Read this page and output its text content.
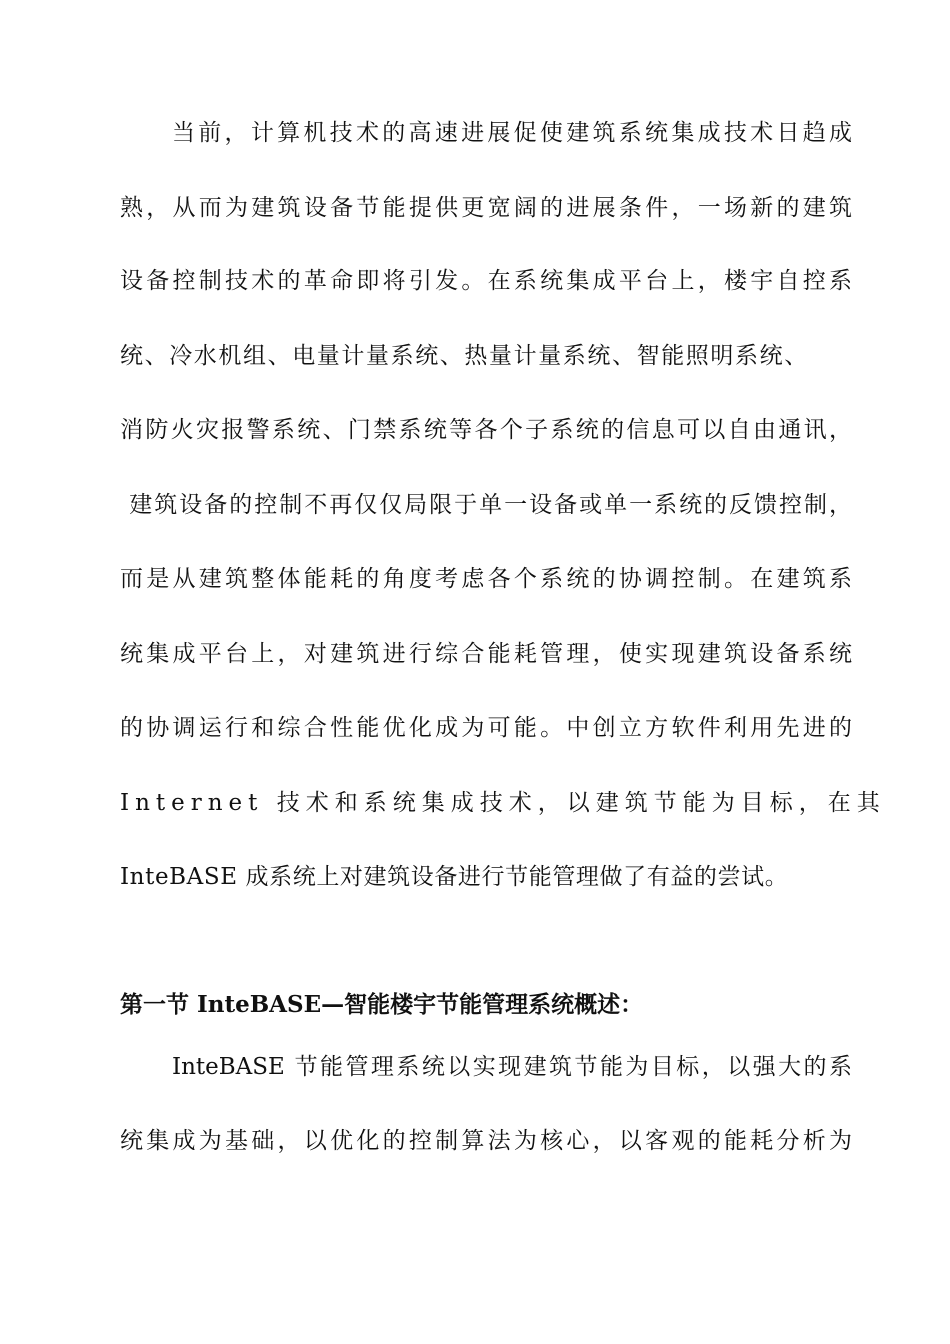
当前，计算机技术的高速进展促使建筑系统集成技术日趋成
熟，从而为建筑设备节能提供更宽阔的进展条件，一场新的建筑
设备控制技术的革命即将引发。在系统集成平台上，楼宇自控系
统、冷水机组、电量计量系统、热量计量系统、智能照明系统、
消防火灾报警系统、门禁系统等各个子系统的信息可以自由通讯，
建筑设备的控制不再仅仅局限于单一设备或单一系统的反馈控制，
而是从建筑整体能耗的角度考虑各个系统的协调控制。在建筑系
统集成平台上，对建筑进行综合能耗管理，使实现建筑设备系统
的协调运行和综合性能优化成为可能。中创立方软件利用先进的
Internet 技术和系统集成技术，以建筑节能为目标，在其
InteBASE 成系统上对建筑设备进行节能管理做了有益的尝试。
第一节 InteBASE—智能楼宇节能管理系统概述：
InteBASE 节能管理系统以实现建筑节能为目标，以强大的系
统集成为基础，以优化的控制算法为核心，以客观的能耗分析为
